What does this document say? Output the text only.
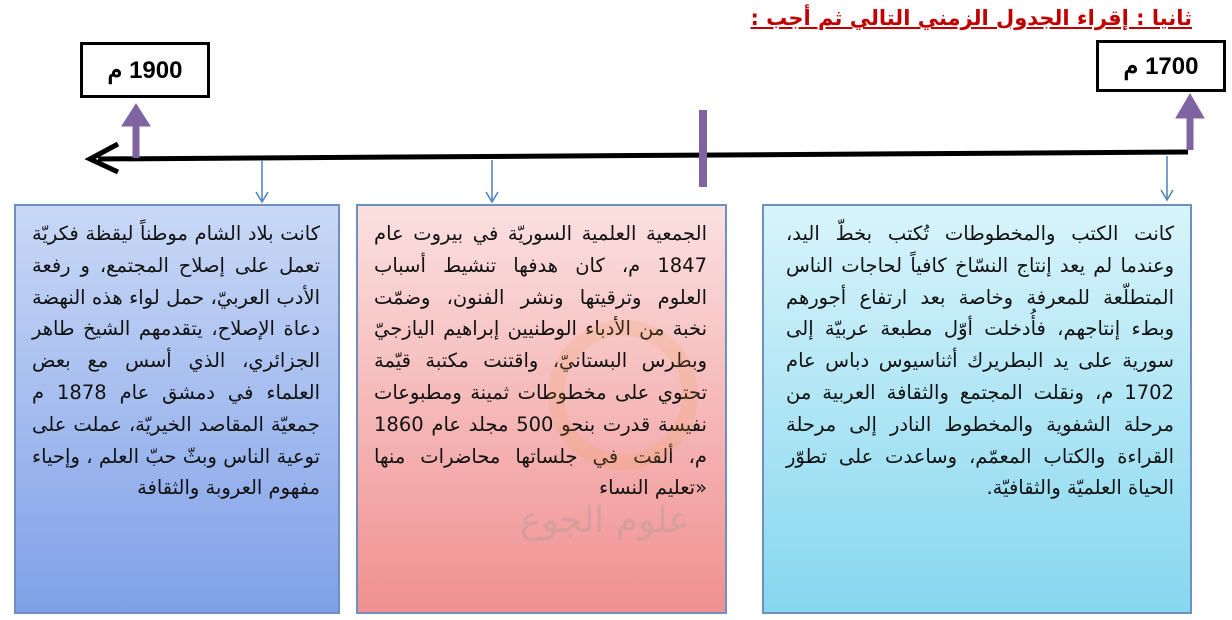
ثانيا : إقراء الجدول الزمني التالي ثم أجب :
1900 م	1700 م
كانت بلاد الشام موطناً ليقظة فكريّة تعمل على إصلاح المجتمع، و رفعة الأدب العربيّ، حمل لواء هذه النهضة دعاة الإصلاح، يتقدمهم الشيخ طاهر الجزائري، الذي أسس مع بعض العلماء في دمشق عام 1878 م جمعيّة المقاصد الخيريّة، عملت على توعية الناس وبثّ حبّ العلم ، وإحياء مفهوم العروبة والثقافة
الجمعية العلمية السوريّة في بيروت عام 1847 م، كان هدفها تنشيط أسباب العلوم وترقيتها ونشر الفنون، وضمّت نخبة من الأدباء الوطنيين إبراهيم اليازجيّ وبطرس البستانيّ، واقتنت مكتبة قيّمة تحتوي على مخطوطات ثمينة ومطبوعات نفيسة قدرت بنحو 500 مجلد عام 1860 م، ألقت في جلساتها محاضرات منها «تعليم النساء
كانت الكتب والمخطوطات تُكتب بخطّ اليد، وعندما لم يعد إنتاج النسّاخ كافياً لحاجات الناس المتطلّعة للمعرفة وخاصة بعد ارتفاع أجورهم وبطء إنتاجهم، فأُدخلت أوّل مطبعة عربيّة إلى سورية على يد البطريرك أثناسيوس دباس عام 1702 م، ونقلت المجتمع والثقافة العربية من مرحلة الشفوية والمخطوط النادر إلى مرحلة القراءة والكتاب المعمّم، وساعدت على تطوّر الحياة العلميّة والثقافيّة.
علوم الجوع
